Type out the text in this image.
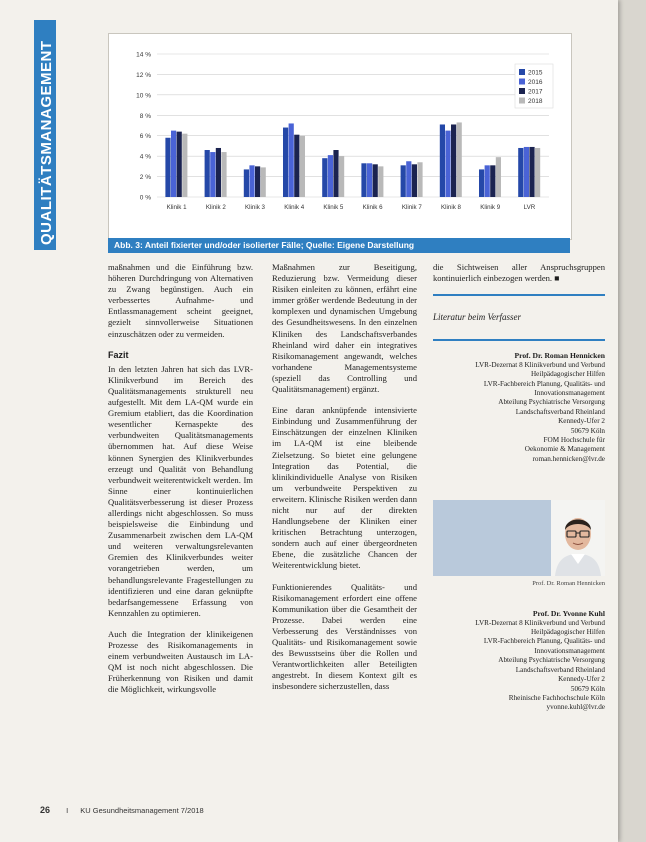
14 %
12 %
10 %
8 %
6 %
4 %
2 %
0 %
Klinik 1	Klinik 2	Klinik 3	Klinik 4	Klinik 5	Klinik 6	Klinik 7	Klinik 8	Klinik 9	LVR
2015
2016
2017
2018
Abb. 3: Anteil fixierter und/oder isolierter Fälle; Quelle: Eigene Darstellung

maßnahmen und die Einführung bzw. höheren Durchdringung von Alternativen zu Zwang begünstigen. Auch ein verbessertes Aufnahme- und Entlassmanagement scheint geeignet, gezielt sinnvollerweise Situationen einzuschätzen oder zu vermeiden.

Fazit

In den letzten Jahren hat sich das LVR-Klinikverbund im Bereich des Qualitätsmanagements strukturell neu aufgestellt. Mit dem LA-QM wurde ein Gremium etabliert, das die Koordination wesentlicher Kernaspekte des verbundweiten Qualitätsmanagements übernommen hat. Auf diese Weise können Synergien des Klinikverbundes erzeugt und Qualität von Behandlung verbundweit weiterentwickelt werden. Im Sinne einer kontinuierlichen Qualitätsverbesserung ist dieser Prozess allerdings nicht abgeschlossen. So muss beispielsweise die Einbindung und Zusammenarbeit zwischen dem LA-QM und weiteren verwaltungsrelevanten Gremien des Klinikverbundes weiter vorangetrieben werden, um behandlungsrelevante Fragestellungen zu identifizieren und eine daran geknüpfte bedarfsangemessene Erfassung von Kennzahlen zu optimieren.

Auch die Integration der klinikeigenen Prozesse des Risikomanagements in einem verbundweiten Austausch im LA-QM ist noch nicht abgeschlossen. Die Früherkennung von Risiken und damit die Möglichkeit, wirkungsvolle

Maßnahmen zur Beseitigung, Reduzierung bzw. Vermeidung dieser Risiken einleiten zu können, erfährt eine immer größer werdende Bedeutung in der komplexen und dynamischen Umgebung des Gesundheitswesens. In den einzelnen Kliniken des Landschaftsverbandes Rheinland wird daher ein integratives Risikomanagement angewandt, welches vorhandene Managementsysteme (speziell das Controlling und Qualitätsmanagement) ergänzt.

Eine daran anknüpfende intensivierte Einbindung und Zusammenführung der Einschätzungen der einzelnen Kliniken im LA-QM ist eine bleibende Zielsetzung. So bietet eine gelungene Integration das Potential, die klinikindividuelle Analyse von Risiken um verbundweite Perspektiven zu erweitern. Klinische Risiken werden dann nicht nur auf der direkten Handlungsebene der Kliniken einer kritischen Betrachtung unterzogen, sondern auch auf einer übergeordneten Ebene, die zusätzliche Chancen der Weiterentwicklung bietet.

Funktionierendes Qualitäts- und Risikomanagement erfordert eine offene Kommunikation über die Gesamtheit der Prozesse. Dabei werden eine Verbesserung des Verständnisses von Qualitäts- und Risikomanagement sowie des Bewusstseins über die Rollen und Verantwortlichkeiten aller Beteiligten angestrebt. In diesem Kontext gilt es insbesondere sicherzustellen, dass

die Sichtweisen aller Anspruchsgruppen kontinuierlich einbezogen werden. ■

Literatur beim Verfasser
Prof. Dr. Roman Hennicken
LVR-Dezernat 8 Klinikverbund und Verbund Heilpädagogischer Hilfen
LVR-Fachbereich Planung, Qualitäts- und Innovationsmanagement
Abteilung Psychiatrische Versorgung
Landschaftsverband Rheinland
Kennedy-Ufer 2
50679 Köln
FOM Hochschule für
Oekonomie & Management
roman.hennicken@lvr.de
Prof. Dr. Roman Hennicken
Prof. Dr. Yvonne Kuhl
LVR-Dezernat 8 Klinikverbund und Verbund Heilpädagogischer Hilfen
LVR-Fachbereich Planung, Qualitäts- und Innovationsmanagement
Abteilung Psychiatrische Versorgung
Landschaftsverband Rheinland
Kennedy-Ufer 2
50679 Köln
Rheinische Fachhochschule Köln
yvonne.kuhl@lvr.de
26 I KU Gesundheitsmanagement 7/2018
